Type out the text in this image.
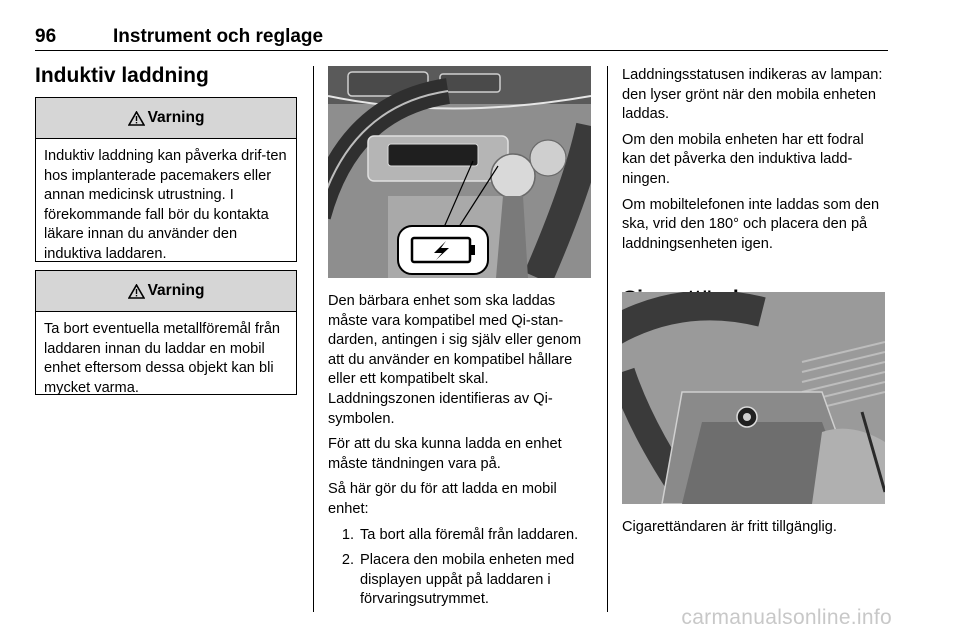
96	Instrument och reglage
Induktiv laddning
Varning
Induktiv laddning kan påverka drif-ten hos implanterade pacemakers eller annan medicinsk utrustning. I förekommande fall bör du kontakta läkare innan du använder den induktiva laddaren.
Varning
Ta bort eventuella metallföremål från laddaren innan du laddar en mobil enhet eftersom dessa objekt kan bli mycket varma.

Den bärbara enhet som ska laddas måste vara kompatibel med Qi-stan-darden, antingen i sig själv eller genom att du använder en kompatibel hållare eller ett kompatibelt skal. Laddningszonen identifieras av Qi-symbolen.

För att du ska kunna ladda en enhet måste tändningen vara på.

Så här gör du för att ladda en mobil enhet:

1. Ta bort alla föremål från laddaren.
2. Placera den mobila enheten med displayen uppåt på laddaren i förvaringsutrymmet.

Laddningsstatusen indikeras av lampan: den lyser grönt när den mobila enheten laddas.

Om den mobila enheten har ett fodral kan det påverka den induktiva ladd-ningen.

Om mobiltelefonen inte laddas som den ska, vrid den 180° och placera den på laddningsenheten igen.

Cigarettändaren är fritt tillgänglig.
carmanualsonline.info
